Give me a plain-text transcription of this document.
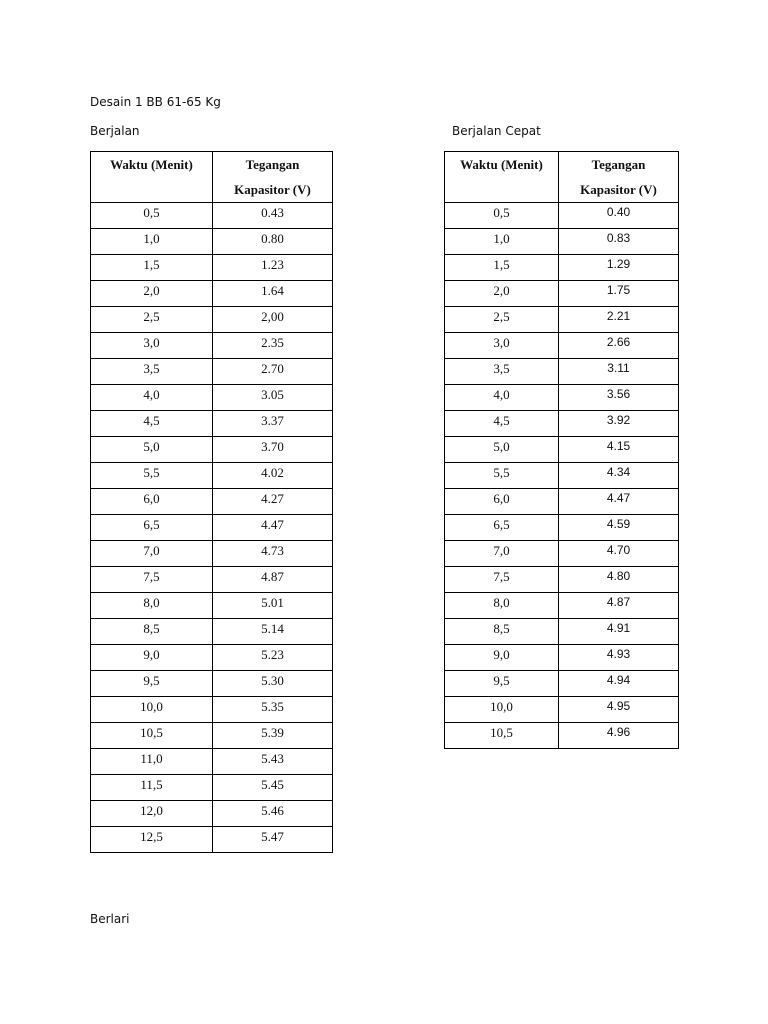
Desain 1 BB 61-65 Kg
Berjalan	Berjalan Cepat
Waktu (Menit)	Tegangan
Kapasitor (V)
0,5	0.43
1,0	0.80
1,5	1.23
2,0	1.64
2,5	2,00
3,0	2.35
3,5	2.70
4,0	3.05
4,5	3.37
5,0	3.70
5,5	4.02
6,0	4.27
6,5	4.47
7,0	4.73
7,5	4.87
8,0	5.01
8,5	5.14
9,0	5.23
9,5	5.30
10,0	5.35
10,5	5.39
11,0	5.43
11,5	5.45
12,0	5.46
12,5	5.47
Waktu (Menit)	Tegangan
Kapasitor (V)
0,5	0.40
1,0	0.83
1,5	1.29
2,0	1.75
2,5	2.21
3,0	2.66
3,5	3.11
4,0	3.56
4,5	3.92
5,0	4.15
5,5	4.34
6,0	4.47
6,5	4.59
7,0	4.70
7,5	4.80
8,0	4.87
8,5	4.91
9,0	4.93
9,5	4.94
10,0	4.95
10,5	4.96
Berlari
